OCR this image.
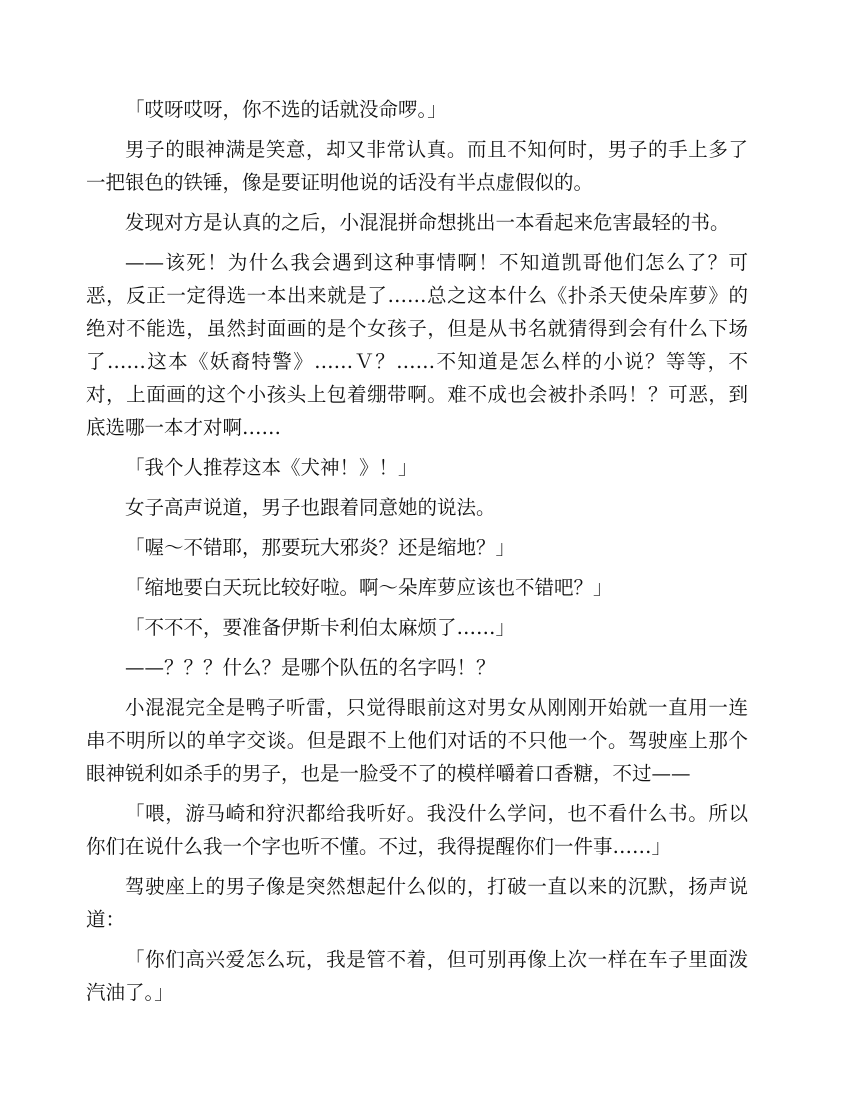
「哎呀哎呀，你不选的话就没命啰。」

男子的眼神满是笑意，却又非常认真。而且不知何时，男子的手上多了一把银色的铁锤，像是要证明他说的话没有半点虚假似的。

发现对方是认真的之后，小混混拼命想挑出一本看起来危害最轻的书。

——该死！为什么我会遇到这种事情啊！不知道凯哥他们怎么了？可恶，反正一定得选一本出来就是了……总之这本什么《扑杀天使朵库萝》的绝对不能选，虽然封面画的是个女孩子，但是从书名就猜得到会有什么下场了……这本《妖裔特警》……Ｖ？……不知道是怎么样的小说？等等，不对，上面画的这个小孩头上包着绷带啊。难不成也会被扑杀吗！？可恶，到底选哪一本才对啊……

「我个人推荐这本《犬神！》！」

女子高声说道，男子也跟着同意她的说法。

「喔～不错耶，那要玩大邪炎？还是缩地？」

「缩地要白天玩比较好啦。啊～朵库萝应该也不错吧？」

「不不不，要准备伊斯卡利伯太麻烦了……」

——？？？什么？是哪个队伍的名字吗！？

小混混完全是鸭子听雷，只觉得眼前这对男女从刚刚开始就一直用一连串不明所以的单字交谈。但是跟不上他们对话的不只他一个。驾驶座上那个眼神锐利如杀手的男子，也是一脸受不了的模样嚼着口香糖，不过——

「喂，游马崎和狩沢都给我听好。我没什么学问，也不看什么书。所以你们在说什么我一个字也听不懂。不过，我得提醒你们一件事……」

驾驶座上的男子像是突然想起什么似的，打破一直以来的沉默，扬声说道：

「你们高兴爱怎么玩，我是管不着，但可别再像上次一样在车子里面泼汽油了。」
